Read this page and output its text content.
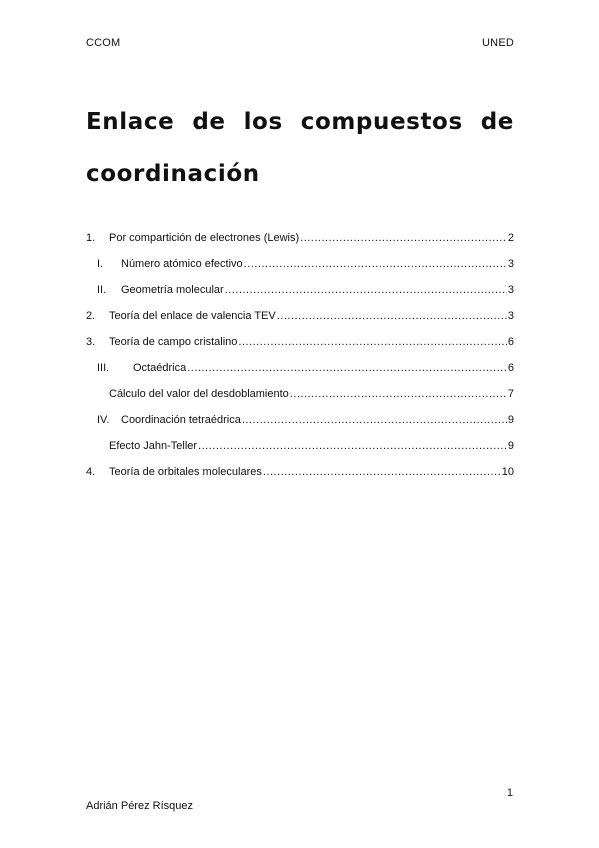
CCOM	UNED
Enlace de los compuestos de coordinación
1.	Por compartición de electrones (Lewis) .....	2
I.	Número atómico efectivo .....	3
II.	Geometría molecular .....	3
2.	Teoría del enlace de valencia TEV .....	3
3.	Teoría de campo cristalino .....	6
III.	Octaédrica .....	6
Cálculo del valor del desdoblamiento .....	7
IV.	Coordinación tetraédrica .....	9
Efecto Jahn-Teller .....	9
4.	Teoría de orbitales moleculares .....	10
1
Adrián Pérez Rísquez
